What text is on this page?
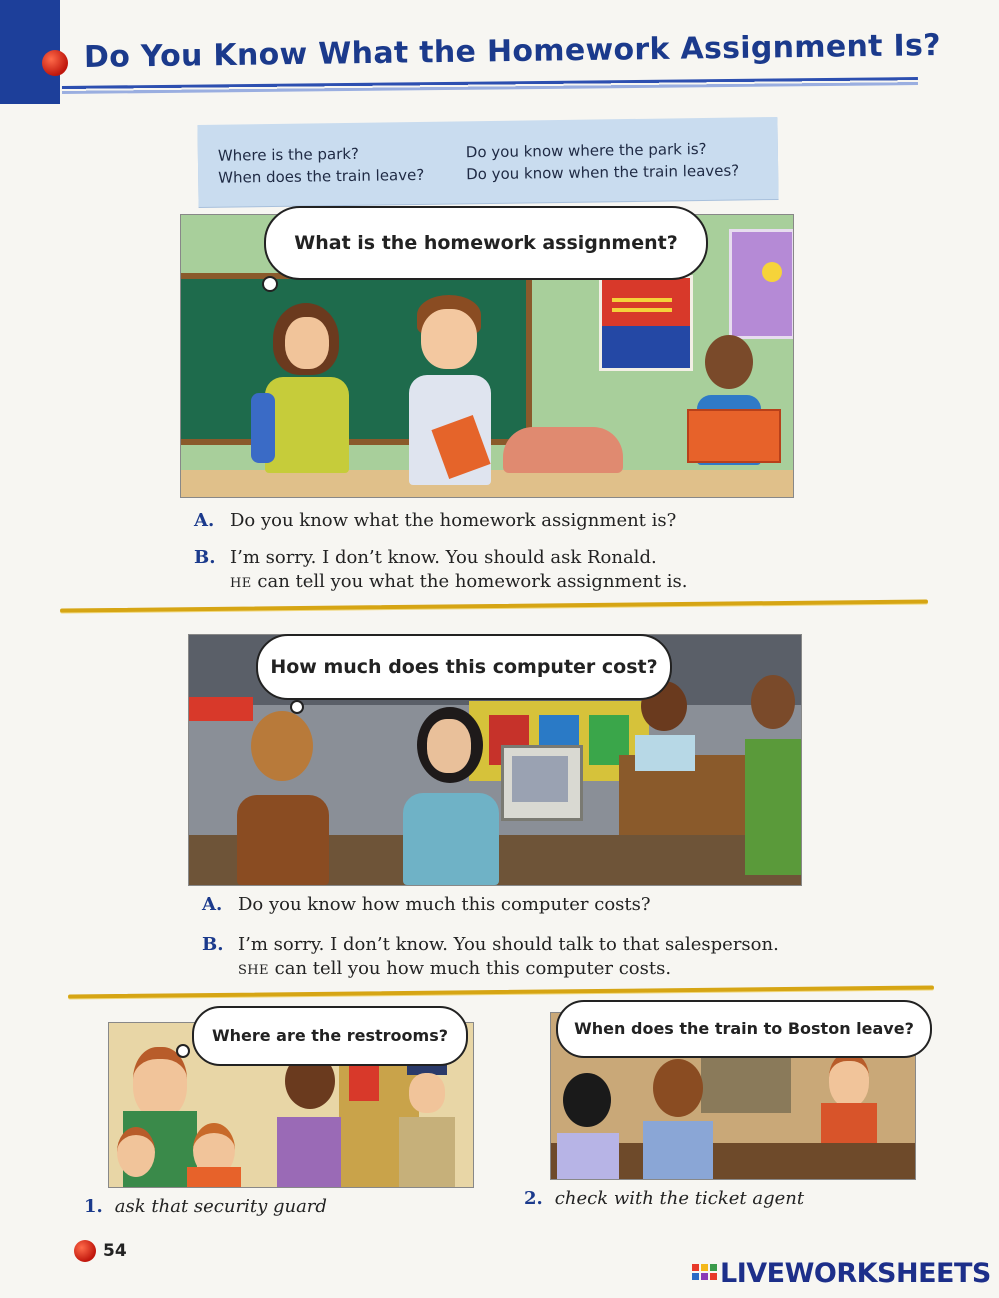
Do You Know What the Homework Assignment Is?
Where is the park?
When does the train leave?
Do you know where the park is?
Do you know when the train leaves?
What is the homework assignment?
A. Do you know what the homework assignment is?
B. I’m sorry. I don’t know. You should ask Ronald.
HE can tell you what the homework assignment is.
How much does this computer cost?
A. Do you know how much this computer costs?
B. I’m sorry. I don’t know. You should talk to that salesperson.
SHE can tell you how much this computer costs.
Where are the restrooms?
1. ask that security guard
When does the train to Boston leave?
2. check with the ticket agent
54
LIVEWORKSHEETS
